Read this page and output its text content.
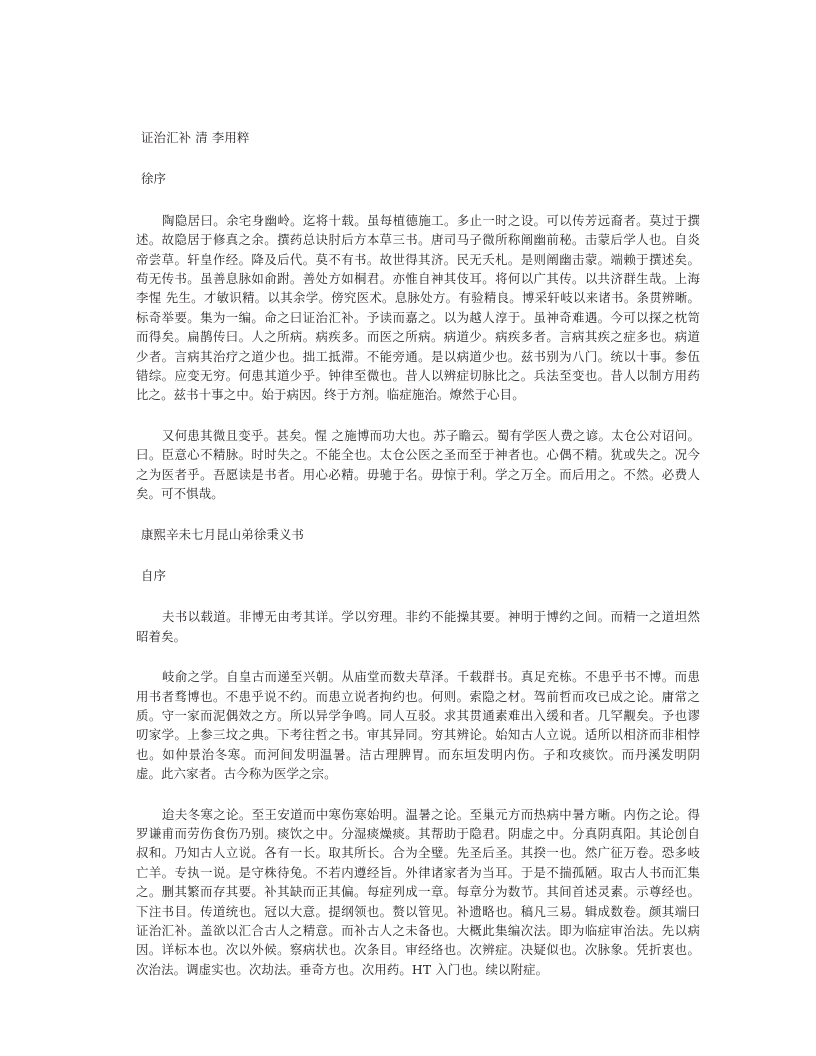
证治汇补 清 李用粹
徐序
陶隐居曰。余宅身幽岭。迄将十载。虽每植德施工。多止一时之设。可以传芳远裔者。莫过于撰述。故隐居于修真之余。撰药总诀肘后方本草三书。唐司马子微所称阐幽前秘。击蒙后学人也。自炎帝尝草。轩皇作经。降及后代。莫不有书。故世得其济。民无夭札。是则阐幽击蒙。端赖于撰述矣。苟无传书。虽善息脉如俞跗。善处方如桐君。亦惟自神其伎耳。将何以广其传。以共济群生哉。上海李惺 先生。才敏识精。以其余学。傍究医术。息脉处方。有验精良。博采轩岐以来诸书。条贯辨晰。标奇举要。集为一编。命之曰证治汇补。予读而嘉之。以为越人淳于。虽神奇难遇。今可以探之枕笥而得矣。扁鹊传曰。人之所病。病疾多。而医之所病。病道少。病疾多者。言病其疾之症多也。病道少者。言病其治疗之道少也。拙工抵滞。不能旁通。是以病道少也。兹书别为八门。统以十事。参伍错综。应变无穷。何患其道少乎。钟律至微也。昔人以辨症切脉比之。兵法至变也。昔人以制方用药比之。兹书十事之中。始于病因。终于方剂。临症施治。燎然于心目。
又何患其微且变乎。甚矣。惺 之施博而功大也。苏子瞻云。蜀有学医人费之谚。太仓公对诏问。曰。臣意心不精脉。时时失之。不能全也。太仓公医之圣而至于神者也。心偶不精。犹或失之。况今之为医者乎。吾愿读是书者。用心必精。毋驰于名。毋惊于利。学之万全。而后用之。不然。必费人矣。可不惧哉。
康熙辛未七月昆山弟徐秉义书
自序
夫书以载道。非博无由考其详。学以穷理。非约不能操其要。神明于博约之间。而精一之道坦然昭着矣。
岐俞之学。自皇古而递至兴朝。从庙堂而数夫草泽。千载群书。真足充栋。不患乎书不博。而患用书者骛博也。不患乎说不约。而患立说者拘约也。何则。索隐之材。驾前哲而攻已成之论。庸常之质。守一家而泥偶效之方。所以异学争鸣。同人互驳。求其贯通素难出入缓和者。几罕觏矣。予也谬叨家学。上参三坟之典。下考往哲之书。审其异同。穷其辨论。始知古人立说。适所以相济而非相悖也。如仲景治冬寒。而河间发明温暑。洁古理脾胃。而东垣发明内伤。子和攻痰饮。而丹溪发明阴虚。此六家者。古今称为医学之宗。
迨夫冬寒之论。至王安道而中寒伤寒始明。温暑之论。至巢元方而热病中暑方晰。内伤之论。得罗谦甫而劳伤食伤乃别。痰饮之中。分湿痰燥痰。其帮助于隐君。阴虚之中。分真阴真阳。其论创自叔和。乃知古人立说。各有一长。取其所长。合为全璧。先圣后圣。其揆一也。然广征万卷。恐多岐亡羊。专执一说。是守株待兔。不若内遵经旨。外律诸家者为当耳。于是不揣孤陋。取古人书而汇集之。删其繁而存其要。补其缺而正其偏。每症列成一章。每章分为数节。其间首述灵素。示尊经也。下注书目。传道统也。冠以大意。提纲领也。赘以管见。补遗略也。稿凡三易。辑成数卷。颜其端曰证治汇补。盖欲以汇合古人之精意。而补古人之未备也。大概此集编次法。即为临症审治法。先以病因。详标本也。次以外候。察病状也。次条目。审经络也。次辨症。决疑似也。次脉象。凭折衷也。次治法。调虚实也。次劫法。垂奇方也。次用药。HT 入门也。续以附症。
